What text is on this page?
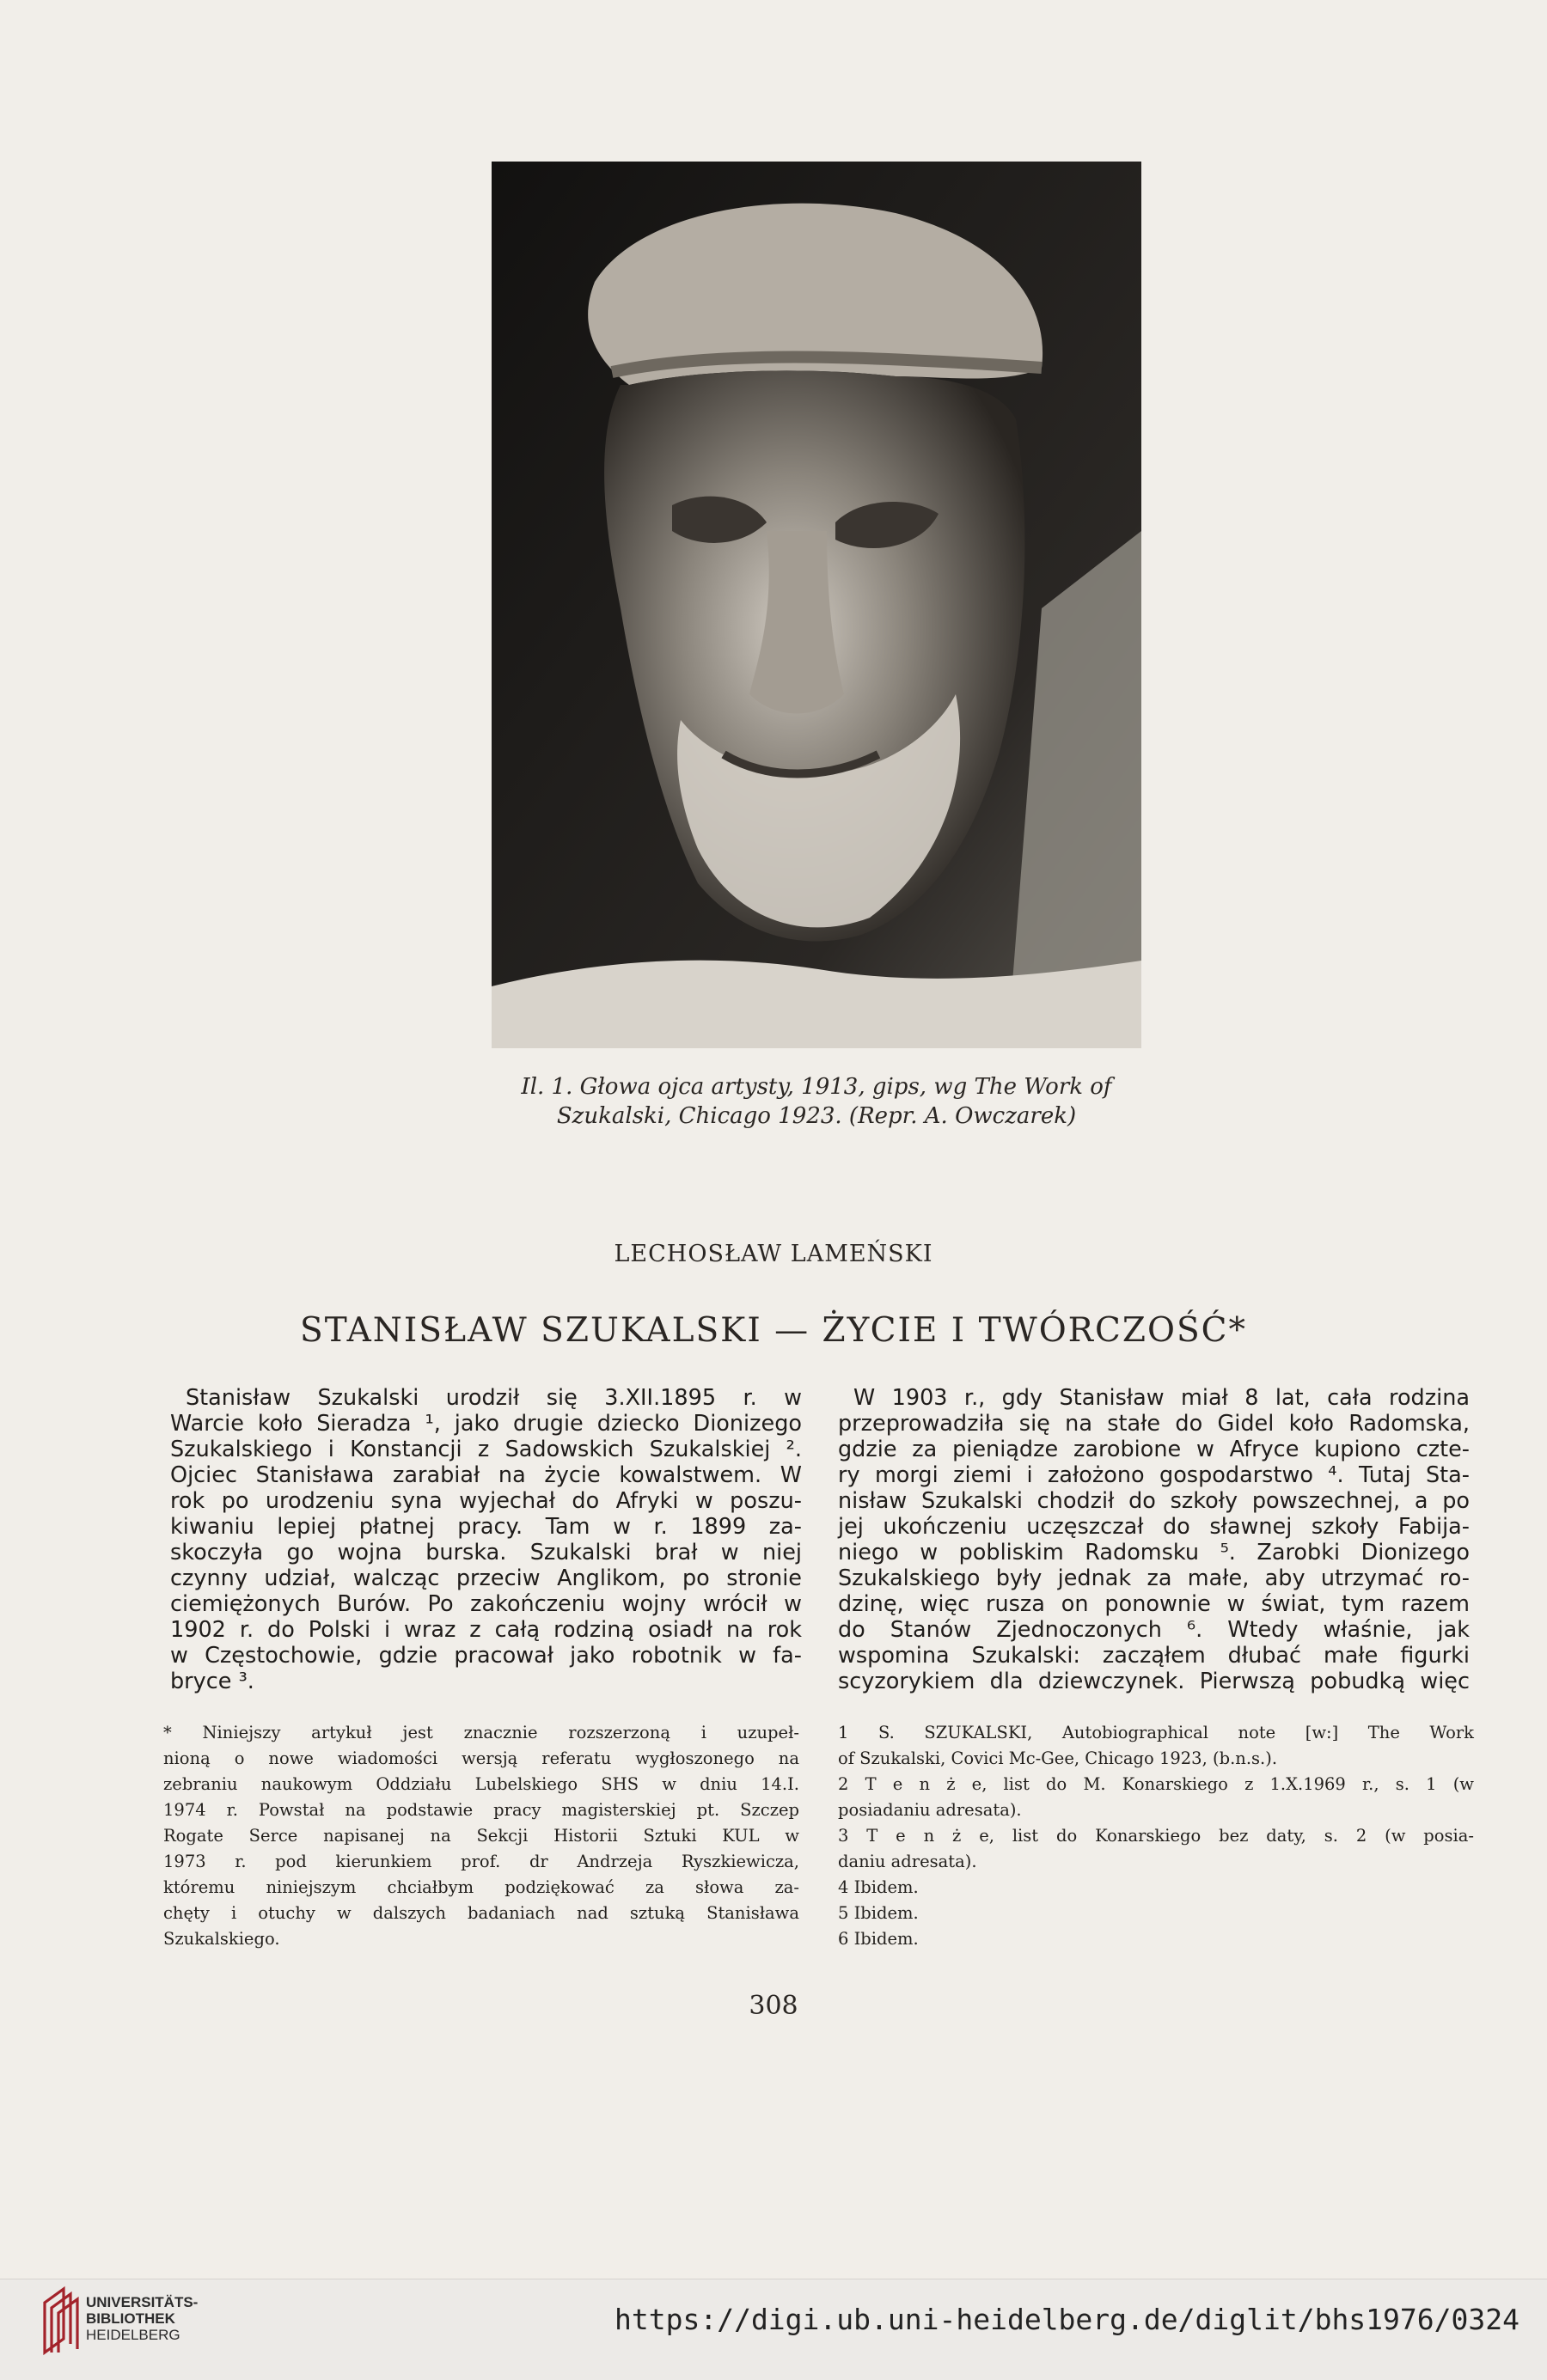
Il. 1. Głowa ojca artysty, 1913, gips, wg The Work of
Szukalski, Chicago 1923. (Repr. A. Owczarek)
LECHOSŁAW LAMEŃSKI
STANISŁAW SZUKALSKI — ŻYCIE I TWÓRCZOŚĆ*
Stanisław Szukalski urodził się 3.XII.1895 r. w
Warcie koło Sieradza ¹, jako drugie dziecko Dionizego
Szukalskiego i Konstancji z Sadowskich Szukalskiej ².
Ojciec Stanisława zarabiał na życie kowalstwem. W
rok po urodzeniu syna wyjechał do Afryki w poszu-
kiwaniu lepiej płatnej pracy. Tam w r. 1899 za-
skoczyła go wojna burska. Szukalski brał w niej
czynny udział, walcząc przeciw Anglikom, po stronie
ciemiężonych Burów. Po zakończeniu wojny wrócił w
1902 r. do Polski i wraz z całą rodziną osiadł na rok
w Częstochowie, gdzie pracował jako robotnik w fa-
bryce ³.
W 1903 r., gdy Stanisław miał 8 lat, cała rodzina
przeprowadziła się na stałe do Gidel koło Radomska,
gdzie za pieniądze zarobione w Afryce kupiono czte-
ry morgi ziemi i założono gospodarstwo ⁴. Tutaj Sta-
nisław Szukalski chodził do szkoły powszechnej, a po
jej ukończeniu uczęszczał do sławnej szkoły Fabija-
niego w pobliskim Radomsku ⁵. Zarobki Dionizego
Szukalskiego były jednak za małe, aby utrzymać ro-
dzinę, więc rusza on ponownie w świat, tym razem
do Stanów Zjednoczonych ⁶. Wtedy właśnie, jak
wspomina Szukalski: zacząłem dłubać małe figurki
scyzorykiem dla dziewczynek. Pierwszą pobudką więc
* Niniejszy artykuł jest znacznie rozszerzoną i uzupeł-
nioną o nowe wiadomości wersją referatu wygłoszonego na
zebraniu naukowym Oddziału Lubelskiego SHS w dniu 14.I.
1974 r. Powstał na podstawie pracy magisterskiej pt. Szczep
Rogate Serce napisanej na Sekcji Historii Sztuki KUL w
1973 r. pod kierunkiem prof. dr Andrzeja Ryszkiewicza,
któremu niniejszym chciałbym podziękować za słowa za-
chęty i otuchy w dalszych badaniach nad sztuką Stanisława
Szukalskiego.
1 S. SZUKALSKI, Autobiographical note [w:] The Work
of Szukalski, Covici Mc-Gee, Chicago 1923, (b.n.s.).
2 T e n ż e, list do M. Konarskiego z 1.X.1969 r., s. 1 (w
posiadaniu adresata).
3 T e n ż e, list do Konarskiego bez daty, s. 2 (w posia-
daniu adresata).
4 Ibidem.
5 Ibidem.
6 Ibidem.
308
UNIVERSITÄTS-
BIBLIOTHEK
HEIDELBERG	https://digi.ub.uni-heidelberg.de/diglit/bhs1976/0324
